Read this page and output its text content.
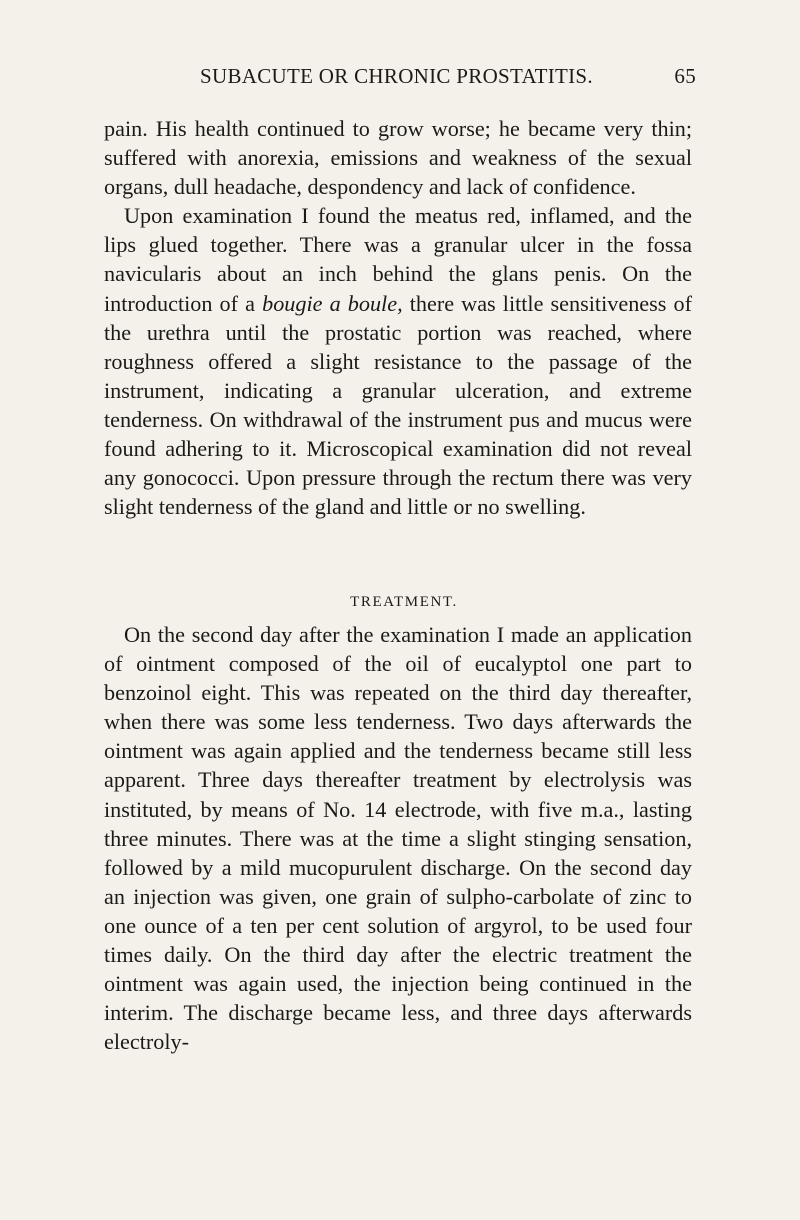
SUBACUTE OR CHRONIC PROSTATITIS.	65

pain. His health continued to grow worse; he became very thin; suffered with anorexia, emissions and weakness of the sexual organs, dull headache, despondency and lack of confidence.

Upon examination I found the meatus red, inflamed, and the lips glued together. There was a granular ulcer in the fossa navicularis about an inch behind the glans penis. On the introduction of a bougie a boule, there was little sensitiveness of the urethra until the prostatic portion was reached, where roughness offered a slight resistance to the passage of the instrument, indicating a granular ulceration, and extreme tenderness. On withdrawal of the instrument pus and mucus were found adhering to it. Microscopical examination did not reveal any gonococci. Upon pressure through the rectum there was very slight tenderness of the gland and little or no swelling.

TREATMENT.

On the second day after the examination I made an application of ointment composed of the oil of eucalyptol one part to benzoinol eight. This was repeated on the third day thereafter, when there was some less tenderness. Two days afterwards the ointment was again applied and the tenderness became still less apparent. Three days thereafter treatment by electrolysis was instituted, by means of No. 14 electrode, with five m.a., lasting three minutes. There was at the time a slight stinging sensation, followed by a mild mucopurulent discharge. On the second day an injection was given, one grain of sulpho-carbolate of zinc to one ounce of a ten per cent solution of argyrol, to be used four times daily. On the third day after the electric treatment the ointment was again used, the injection being continued in the interim. The discharge became less, and three days afterwards electroly-
